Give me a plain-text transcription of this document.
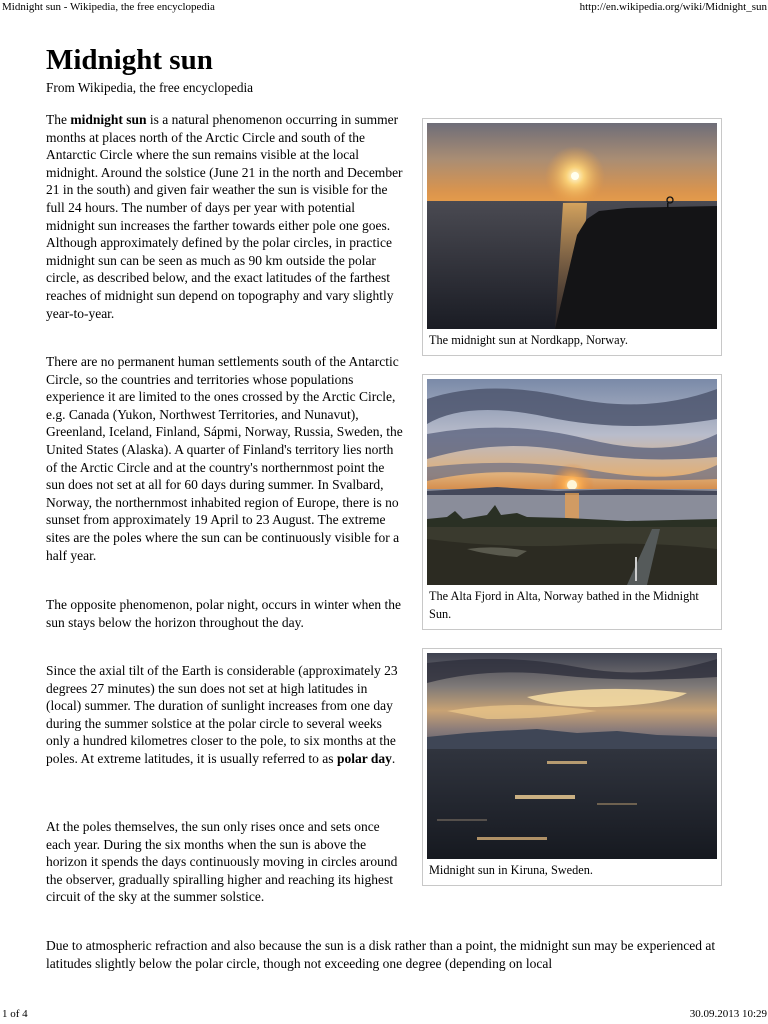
Midnight sun - Wikipedia, the free encyclopedia	http://en.wikipedia.org/wiki/Midnight_sun
1 of 4	30.09.2013 10:29
Midnight sun
From Wikipedia, the free encyclopedia

The midnight sun is a natural phenomenon occurring in summer months at places north of the Arctic Circle and south of the Antarctic Circle where the sun remains visible at the local midnight. Around the solstice (June 21 in the north and December 21 in the south) and given fair weather the sun is visible for the full 24 hours. The number of days per year with potential midnight sun increases the farther towards either pole one goes. Although approximately defined by the polar circles, in practice midnight sun can be seen as much as 90 km outside the polar circle, as described below, and the exact latitudes of the farthest reaches of midnight sun depend on topography and vary slightly year-to-year.

There are no permanent human settlements south of the Antarctic Circle, so the countries and territories whose populations experience it are limited to the ones crossed by the Arctic Circle, e.g. Canada (Yukon, Northwest Territories, and Nunavut), Greenland, Iceland, Finland, Sápmi, Norway, Russia, Sweden, the United States (Alaska). A quarter of Finland's territory lies north of the Arctic Circle and at the country's northernmost point the sun does not set at all for 60 days during summer. In Svalbard, Norway, the northernmost inhabited region of Europe, there is no sunset from approximately 19 April to 23 August. The extreme sites are the poles where the sun can be continuously visible for a half year.

The opposite phenomenon, polar night, occurs in winter when the sun stays below the horizon throughout the day.

Since the axial tilt of the Earth is considerable (approximately 23 degrees 27 minutes) the sun does not set at high latitudes in (local) summer. The duration of sunlight increases from one day during the summer solstice at the polar circle to several weeks only a hundred kilometres closer to the pole, to six months at the poles. At extreme latitudes, it is usually referred to as polar day.

At the poles themselves, the sun only rises once and sets once each year. During the six months when the sun is above the horizon it spends the days continuously moving in circles around the observer, gradually spiralling higher and reaching its highest circuit of the sky at the summer solstice.

Due to atmospheric refraction and also because the sun is a disk rather than a point, the midnight sun may be experienced at latitudes slightly below the polar circle, though not exceeding one degree (depending on local

The midnight sun at Nordkapp, Norway.
The Alta Fjord in Alta, Norway bathed in the Midnight Sun.
Midnight sun in Kiruna, Sweden.
